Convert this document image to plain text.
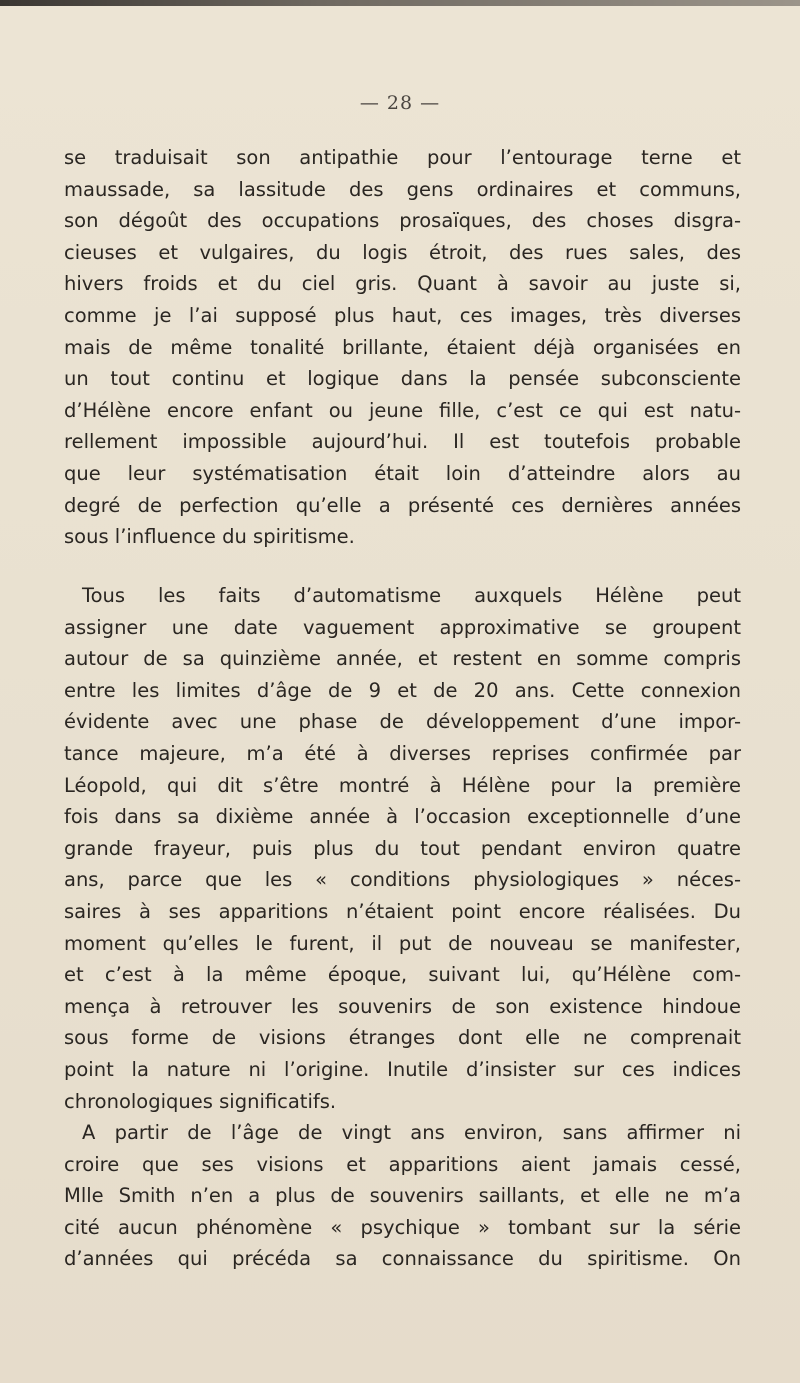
— 28 —
se traduisait son antipathie pour l’entourage terne et
maussade, sa lassitude des gens ordinaires et communs,
son dégoût des occupations prosaïques, des choses disgra-
cieuses et vulgaires, du logis étroit, des rues sales, des
hivers froids et du ciel gris. Quant à savoir au juste si,
comme je l’ai supposé plus haut, ces images, très diverses
mais de même tonalité brillante, étaient déjà organisées en
un tout continu et logique dans la pensée subconsciente
d’Hélène encore enfant ou jeune fille, c’est ce qui est natu-
rellement impossible aujourd’hui. Il est toutefois probable
que leur systématisation était loin d’atteindre alors au
degré de perfection qu’elle a présenté ces dernières années
sous l’influence du spiritisme.
Tous les faits d’automatisme auxquels Hélène peut
assigner une date vaguement approximative se groupent
autour de sa quinzième année, et restent en somme compris
entre les limites d’âge de 9 et de 20 ans. Cette connexion
évidente avec une phase de développement d’une impor-
tance majeure, m’a été à diverses reprises confirmée par
Léopold, qui dit s’être montré à Hélène pour la première
fois dans sa dixième année à l’occasion exceptionnelle d’une
grande frayeur, puis plus du tout pendant environ quatre
ans, parce que les « conditions physiologiques » néces-
saires à ses apparitions n’étaient point encore réalisées. Du
moment qu’elles le furent, il put de nouveau se manifester,
et c’est à la même époque, suivant lui, qu’Hélène com-
mença à retrouver les souvenirs de son existence hindoue
sous forme de visions étranges dont elle ne comprenait
point la nature ni l’origine. Inutile d’insister sur ces indices
chronologiques significatifs.
A partir de l’âge de vingt ans environ, sans affirmer ni
croire que ses visions et apparitions aient jamais cessé,
Mlle Smith n’en a plus de souvenirs saillants, et elle ne m’a
cité aucun phénomène « psychique » tombant sur la série
d’années qui précéda sa connaissance du spiritisme. On
